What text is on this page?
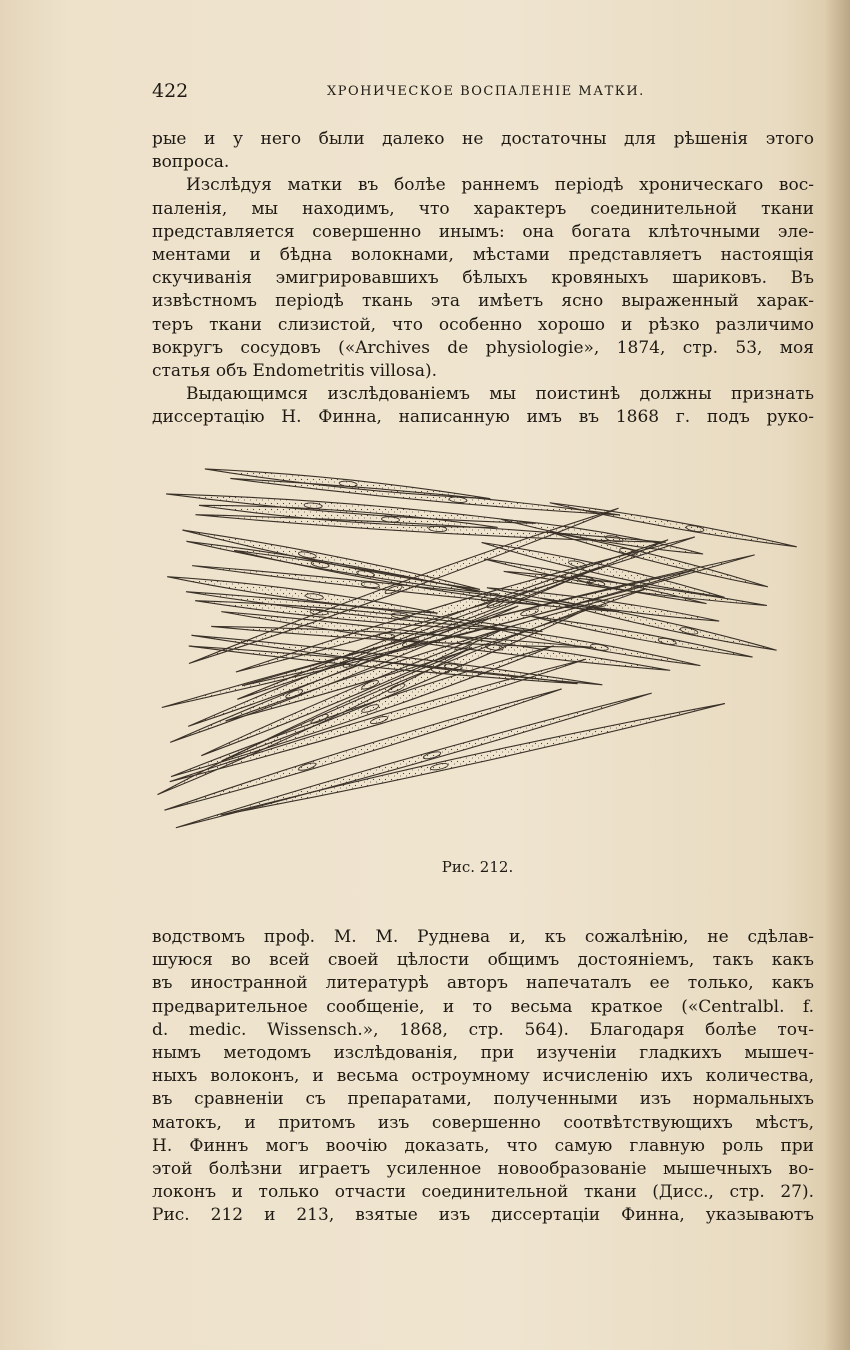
422	ХРОНИЧЕСКОЕ ВОСПАЛЕНІЕ МАТКИ.
рые и у него были далеко не достаточны для рѣшенія этого
вопроса.
Изслѣдуя матки въ болѣе раннемъ періодѣ хроническаго вос-
паленія, мы находимъ, что характеръ соединительной ткани
представляется совершенно инымъ: она богата клѣточными эле-
ментами и бѣдна волокнами, мѣстами представляетъ настоящія
скучиванія эмигрировавшихъ бѣлыхъ кровяныхъ шариковъ. Въ
извѣстномъ періодѣ ткань эта имѣетъ ясно выраженный харак-
теръ ткани слизистой, что особенно хорошо и рѣзко различимо
вокругъ сосудовъ («Archives de physiologie», 1874, стр. 53, моя
статья объ Endometritis villosa).
Выдающимся изслѣдованіемъ мы поистинѣ должны признать
диссертацію Н. Финна, написанную имъ въ 1868 г. подъ руко-
Рис. 212.
водствомъ проф. М. М. Руднева и, къ сожалѣнію, не сдѣлав-
шуюся во всей своей цѣлости общимъ достояніемъ, такъ какъ
въ иностранной литературѣ авторъ напечаталъ ее только, какъ
предварительное сообщеніе, и то весьма краткое («Centralbl. f.
d. medic. Wissensch.», 1868, стр. 564). Благодаря болѣе точ-
нымъ методомъ изслѣдованія, при изученіи гладкихъ мышеч-
ныхъ волоконъ, и весьма остроумному исчисленію ихъ количества,
въ сравненіи съ препаратами, полученными изъ нормальныхъ
матокъ, и притомъ изъ совершенно соотвѣтствующихъ мѣстъ,
Н. Финнъ могъ воочію доказать, что самую главную роль при
этой болѣзни играетъ усиленное новообразованіе мышечныхъ во-
локонъ и только отчасти соединительной ткани (Дисс., стр. 27).
Рис. 212 и 213, взятые изъ диссертаціи Финна, указываютъ
